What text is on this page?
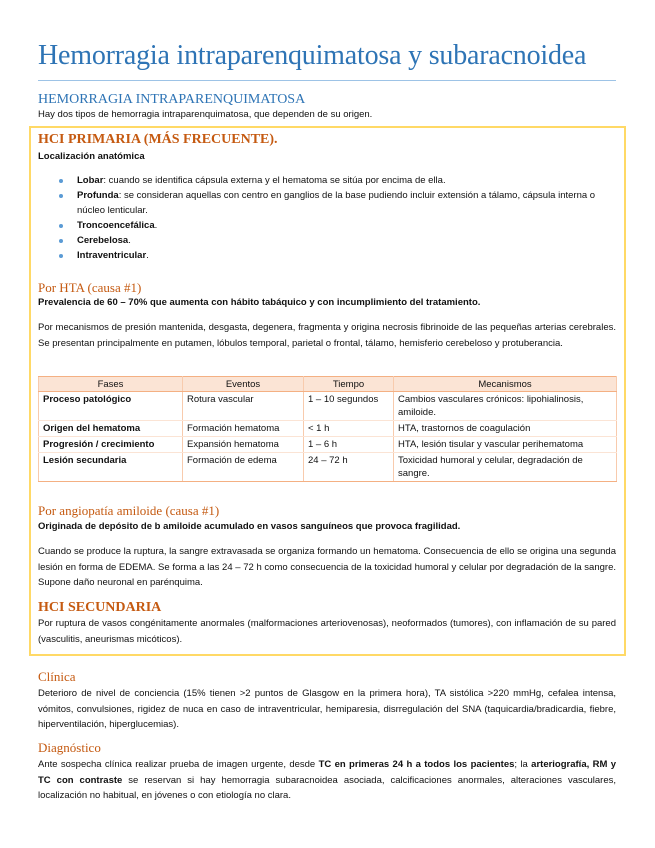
Hemorragia intraparenquimatosa y subaracnoidea
HEMORRAGIA INTRAPARENQUIMATOSA
Hay dos tipos de hemorragia intraparenquimatosa, que dependen de su origen.
HCI PRIMARIA (MÁS FRECUENTE).
Localización anatómica
Lobar: cuando se identifica cápsula externa y el hematoma se sitúa por encima de ella.
Profunda: se consideran aquellas con centro en ganglios de la base pudiendo incluir extensión a tálamo, cápsula interna o núcleo lenticular.
Troncoencefálica.
Cerebelosa.
Intraventricular.
Por HTA (causa #1)
Prevalencia de 60 – 70% que aumenta con hábito tabáquico y con incumplimiento del tratamiento.
Por mecanismos de presión mantenida, desgasta, degenera, fragmenta y origina necrosis fibrinoide de las pequeñas arterias cerebrales. Se presentan principalmente en putamen, lóbulos temporal, parietal o frontal, tálamo, hemisferio cerebeloso y protuberancia.
Fases	Eventos	Tiempo	Mecanismos
Proceso patológico	Rotura vascular	1 – 10 segundos	Cambios vasculares crónicos: lipohialinosis, amiloide.
Origen del hematoma	Formación hematoma	< 1 h	HTA, trastornos de coagulación
Progresión / crecimiento	Expansión hematoma	1 – 6 h	HTA, lesión tisular y vascular perihematoma
Lesión secundaria	Formación de edema	24 – 72 h	Toxicidad humoral y celular, degradación de sangre.
Por angiopatía amiloide (causa #1)
Originada de depósito de b amiloide acumulado en vasos sanguíneos que provoca fragilidad.
Cuando se produce la ruptura, la sangre extravasada se organiza formando un hematoma. Consecuencia de ello se origina una segunda lesión en forma de EDEMA. Se forma a las 24 – 72 h como consecuencia de la toxicidad humoral y celular por degradación de la sangre. Supone daño neuronal en parénquima.
HCI SECUNDARIA
Por ruptura de vasos congénitamente anormales (malformaciones arteriovenosas), neoformados (tumores), con inflamación de su pared (vasculitis, aneurismas micóticos).
Clínica
Deterioro de nivel de conciencia (15% tienen >2 puntos de Glasgow en la primera hora), TA sistólica >220 mmHg, cefalea intensa, vómitos, convulsiones, rigidez de nuca en caso de intraventricular, hemiparesia, disrregulación del SNA (taquicardia/bradicardia, fiebre, hiperventilación, hiperglucemias).
Diagnóstico
Ante sospecha clínica realizar prueba de imagen urgente, desde TC en primeras 24 h a todos los pacientes; la arteriografía, RM y TC con contraste se reservan si hay hemorragia subaracnoidea asociada, calcificaciones anormales, alteraciones vasculares, localización no habitual, en jóvenes o con etiología no clara.
